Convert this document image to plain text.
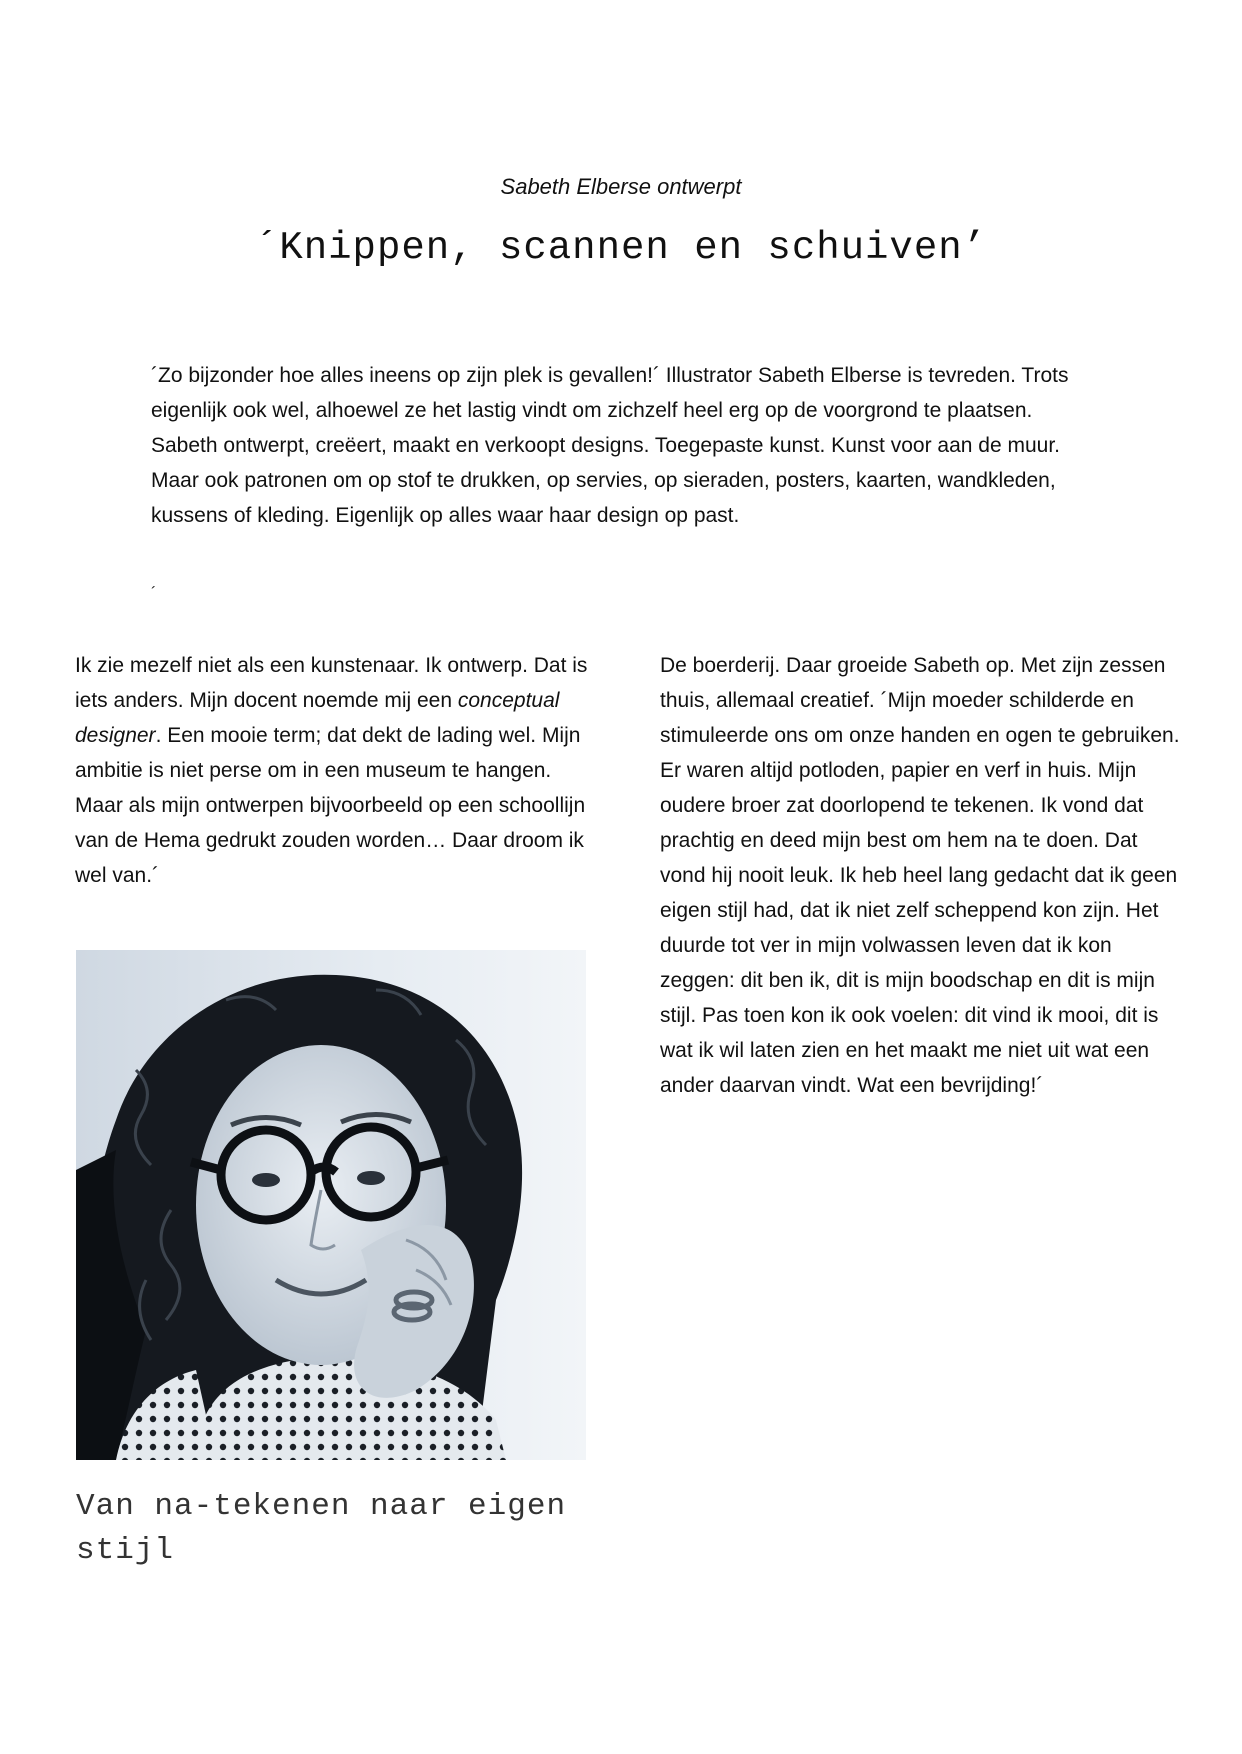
Sabeth Elberse ontwerpt
´Knippen, scannen en schuiven’

´Zo bijzonder hoe alles ineens op zijn plek is gevallen!´ Illustrator Sabeth Elberse is tevreden. Trots eigenlijk ook wel, alhoewel ze het lastig vindt om zichzelf heel erg op de voorgrond te plaatsen. Sabeth ontwerpt, creëert, maakt en verkoopt designs. Toegepaste kunst. Kunst voor aan de muur. Maar ook patronen om op stof te drukken, op servies, op sieraden, posters, kaarten, wandkleden, kussens of kleding. Eigenlijk op alles waar haar design op past.

´

Ik zie mezelf niet als een kunstenaar. Ik ontwerp. Dat is iets anders. Mijn docent noemde mij een conceptual designer. Een mooie term; dat dekt de lading wel. Mijn ambitie is niet perse om in een museum te hangen. Maar als mijn ontwerpen bijvoorbeeld op een schoollijn van de Hema gedrukt zouden worden… Daar droom ik wel van.´

De boerderij. Daar groeide Sabeth op. Met zijn zessen thuis, allemaal creatief. ´Mijn moeder schilderde en stimuleerde ons om onze handen en ogen te gebruiken. Er waren altijd potloden, papier en verf in huis. Mijn oudere broer zat doorlopend te tekenen. Ik vond dat prachtig en deed mijn best om hem na te doen. Dat vond hij nooit leuk. Ik heb heel lang gedacht dat ik geen eigen stijl had, dat ik niet zelf scheppend kon zijn. Het duurde tot ver in mijn volwassen leven dat ik kon zeggen: dit ben ik, dit is mijn boodschap en dit is mijn stijl. Pas toen kon ik ook voelen: dit vind ik mooi, dit is wat ik wil laten zien en het maakt me niet uit wat een ander daarvan vindt. Wat een bevrijding!´

Van na-tekenen naar eigen stijl
